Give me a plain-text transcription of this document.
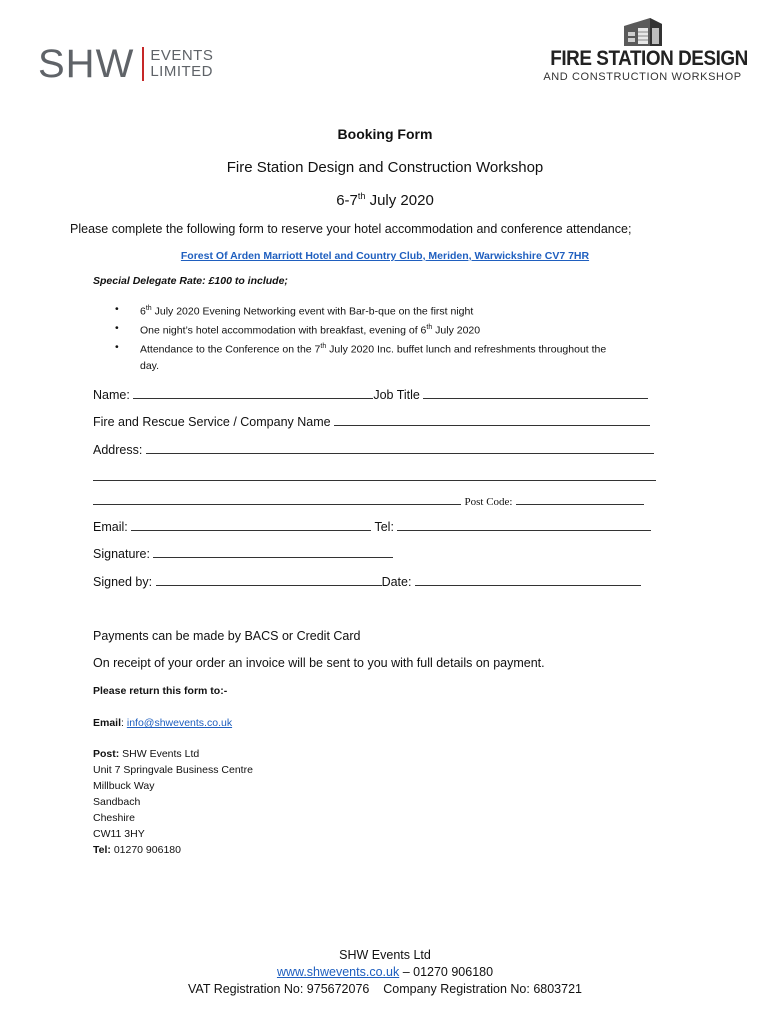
SHW EVENTS
LIMITED
FIRE STATION DESIGN
AND CONSTRUCTION WORKSHOP
Booking Form
Fire Station Design and Construction Workshop
6-7th July 2020
Please complete the following form to reserve your hotel accommodation and conference attendance;
Forest Of Arden Marriott Hotel and Country Club, Meriden, Warwickshire CV7 7HR
Special Delegate Rate: £100 to include;
• 6th July 2020 Evening Networking event with Bar-b-que on the first night
• One night’s hotel accommodation with breakfast, evening of 6th July 2020
• Attendance to the Conference on the 7th July 2020 Inc. buffet lunch and refreshments throughout the
day.
Name:	Job Title
Fire and Rescue Service / Company Name
Address:
Post Code:
Email:	Tel:
Signature:
Signed by:	Date:
Payments can be made by BACS or Credit Card
On receipt of your order an invoice will be sent to you with full details on payment.
Please return this form to:-
Email: info@shwevents.co.uk
Post: SHW Events Ltd
Unit 7 Springvale Business Centre
Millbuck Way
Sandbach
Cheshire
CW11 3HY
Tel: 01270 906180
SHW Events Ltd
www.shwevents.co.uk – 01270 906180
VAT Registration No: 975672076    Company Registration No: 6803721
